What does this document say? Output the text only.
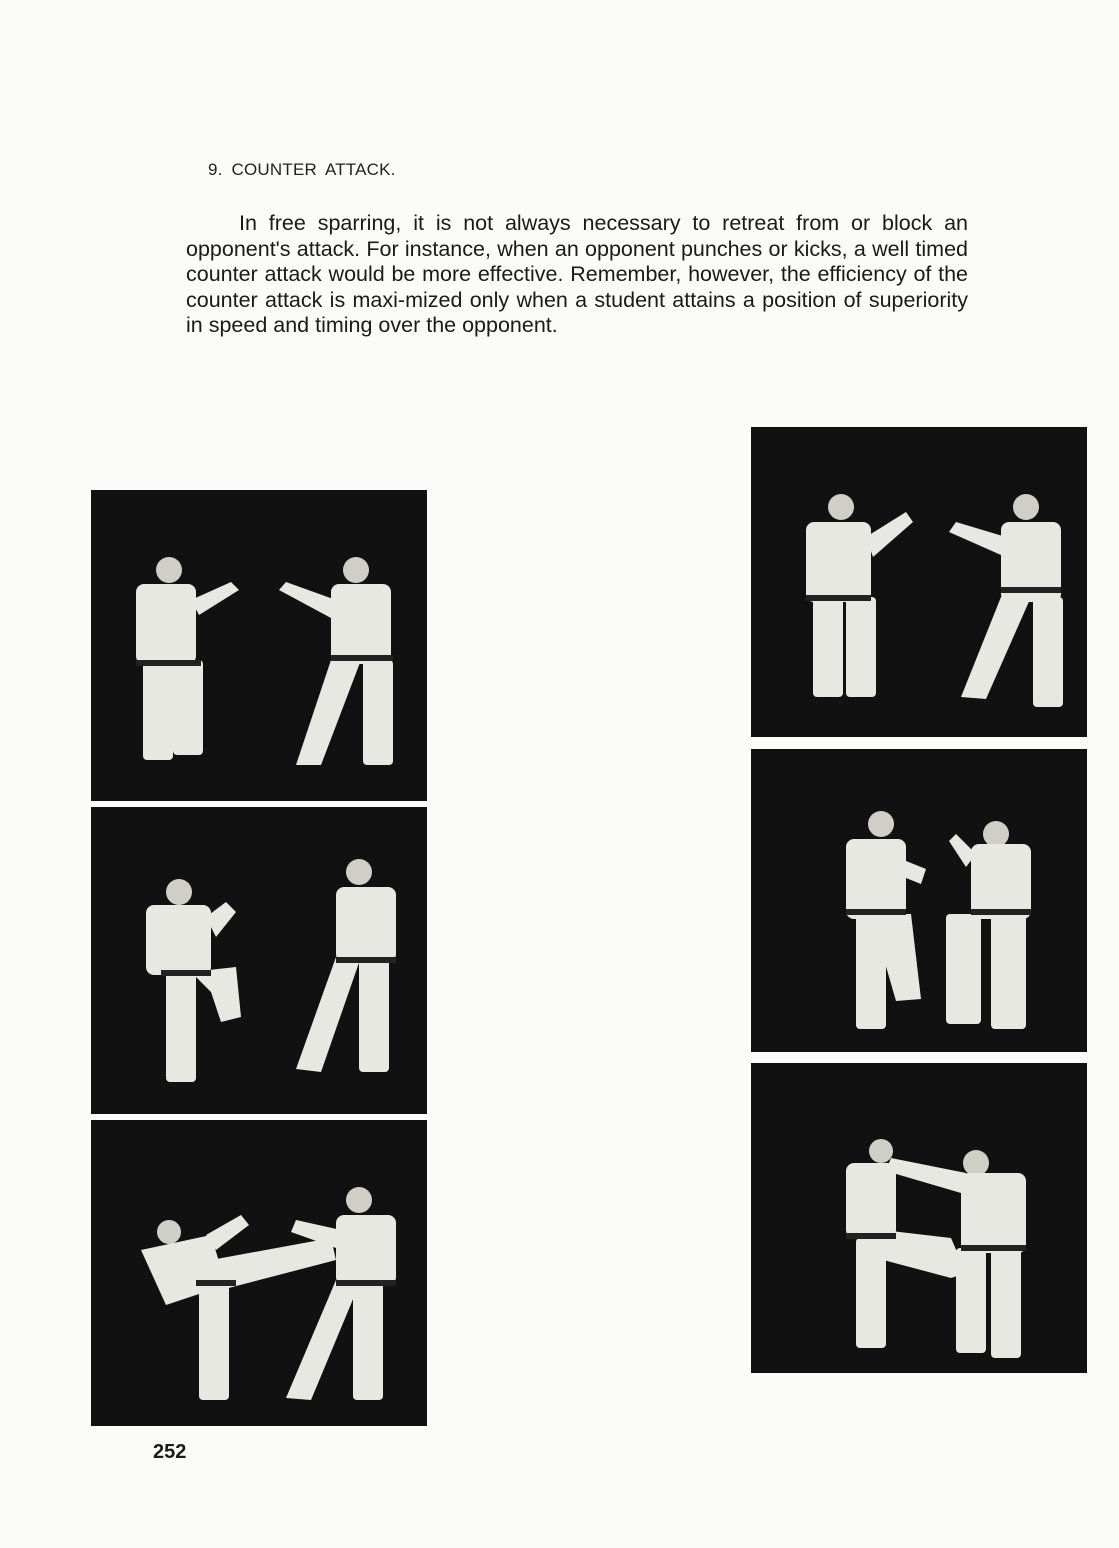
9. COUNTER ATTACK.

In free sparring, it is not always necessary to retreat from or block an opponent's attack. For instance, when an opponent punches or kicks, a well timed counter attack would be more effective. Remember, however, the efficiency of the counter attack is maxi-mized only when a student attains a position of superiority in speed and timing over the opponent.

252
